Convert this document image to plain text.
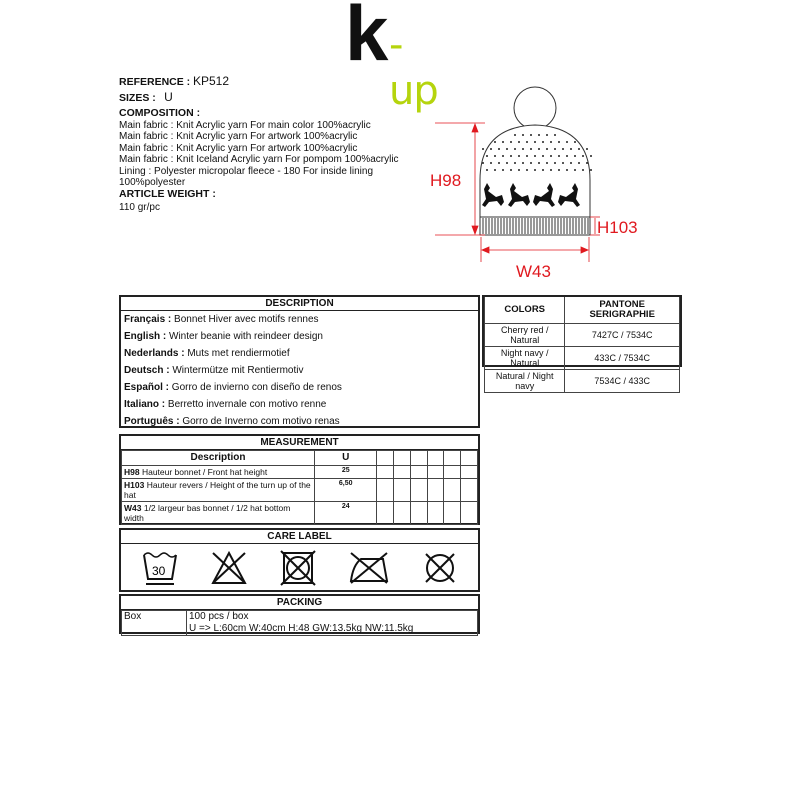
k -up
REFERENCE : KP512
SIZES : U
COMPOSITION :
Main fabric : Knit Acrylic yarn For main color 100%acrylic
Main fabric : Knit Acrylic yarn For artwork 100%acrylic
Main fabric : Knit Acrylic yarn For artwork 100%acrylic
Main fabric : Knit Iceland Acrylic yarn For pompom 100%acrylic
Lining : Polyester micropolar fleece - 180 For inside lining
100%polyester
ARTICLE WEIGHT :
110 gr/pc
H98
H103
W43
DESCRIPTION
Français : Bonnet Hiver avec motifs rennes
English : Winter beanie with reindeer design
Nederlands : Muts met rendiermotief
Deutsch : Wintermütze mit Rentiermotiv
Español : Gorro de invierno con diseño de renos
Italiano : Berretto invernale con motivo renne
Português : Gorro de Inverno com motivo renas
COLORS	PANTONE SERIGRAPHIE
Cherry red / Natural	7427C / 7534C
Night navy / Natural	433C / 7534C
Natural / Night navy	7534C / 433C
MEASUREMENT
Description	U						
H98 Hauteur bonnet / Front hat height	25						
H103 Hauteur revers / Height of the turn up of the hat	6,50						
W43 1/2 largeur bas bonnet / 1/2 hat bottom width	24						
CARE LABEL
30
PACKING
Box	100 pcs / box
U => L:60cm W:40cm H:48 GW:13.5kg NW:11.5kg
